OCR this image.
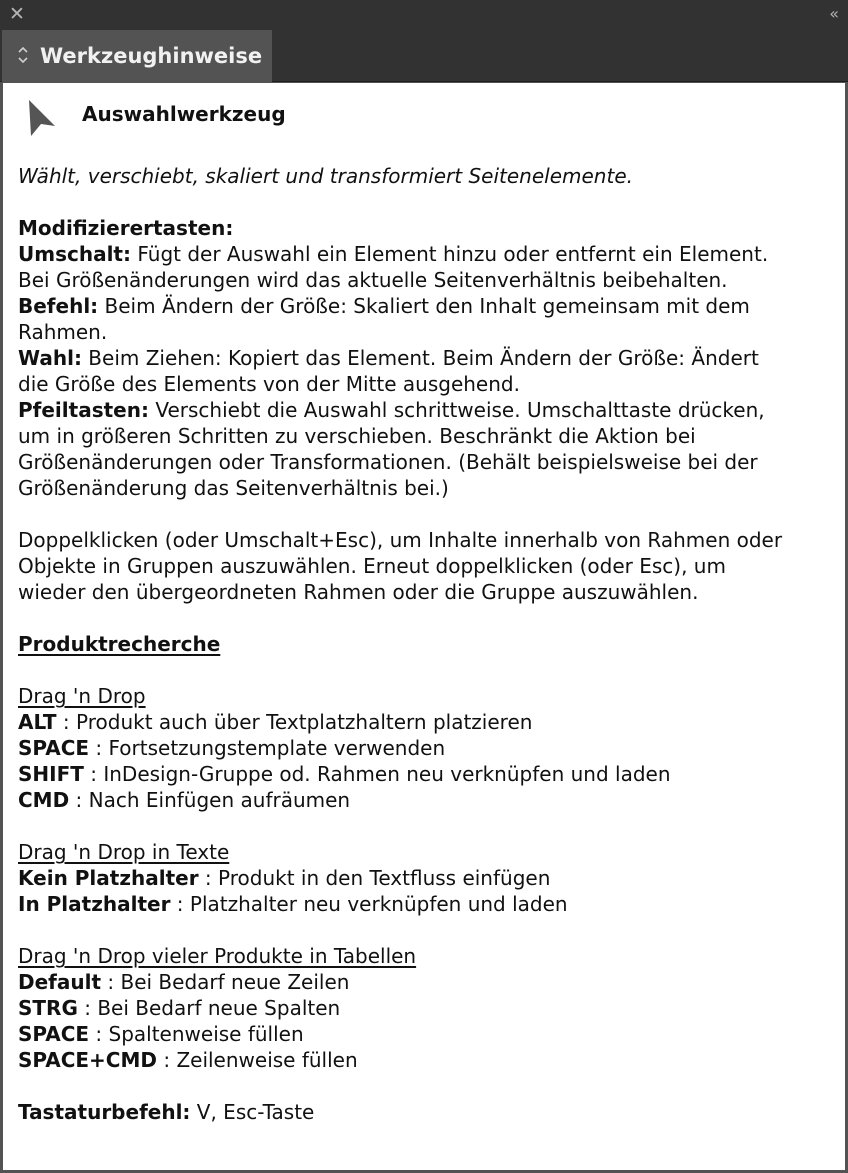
✕	‹‹
Werkzeughinweise
Auswahlwerkzeug
Wählt, verschiebt, skaliert und transformiert Seitenelemente.
Modifizierertasten:
Umschalt: Fügt der Auswahl ein Element hinzu oder entfernt ein Element.
Bei Größenänderungen wird das aktuelle Seitenverhältnis beibehalten.
Befehl: Beim Ändern der Größe: Skaliert den Inhalt gemeinsam mit dem
Rahmen.
Wahl: Beim Ziehen: Kopiert das Element. Beim Ändern der Größe: Ändert
die Größe des Elements von der Mitte ausgehend.
Pfeiltasten: Verschiebt die Auswahl schrittweise. Umschalttaste drücken,
um in größeren Schritten zu verschieben. Beschränkt die Aktion bei
Größenänderungen oder Transformationen. (Behält beispielsweise bei der
Größenänderung das Seitenverhältnis bei.)
Doppelklicken (oder Umschalt+Esc), um Inhalte innerhalb von Rahmen oder
Objekte in Gruppen auszuwählen. Erneut doppelklicken (oder Esc), um
wieder den übergeordneten Rahmen oder die Gruppe auszuwählen.
Produktrecherche
Drag 'n Drop
ALT : Produkt auch über Textplatzhaltern platzieren
SPACE : Fortsetzungstemplate verwenden
SHIFT : InDesign-Gruppe od. Rahmen neu verknüpfen und laden
CMD : Nach Einfügen aufräumen
Drag 'n Drop in Texte
Kein Platzhalter : Produkt in den Textfluss einfügen
In Platzhalter : Platzhalter neu verknüpfen und laden
Drag 'n Drop vieler Produkte in Tabellen
Default : Bei Bedarf neue Zeilen
STRG : Bei Bedarf neue Spalten
SPACE : Spaltenweise füllen
SPACE+CMD : Zeilenweise füllen
Tastaturbefehl: V, Esc-Taste
